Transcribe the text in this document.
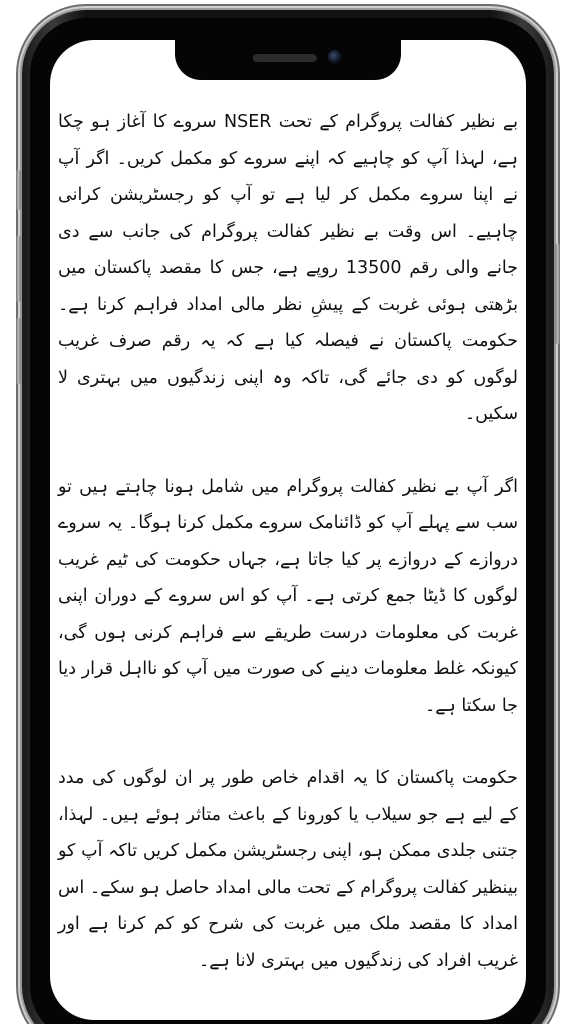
بے نظیر کفالت پروگرام کے تحت NSER سروے کا آغاز ہو چکا ہے، لہذا آپ کو چاہیے کہ اپنے سروے کو مکمل کریں۔ اگر آپ نے اپنا سروے مکمل کر لیا ہے تو آپ کو رجسٹریشن کرانی چاہیے۔ اس وقت بے نظیر کفالت پروگرام کی جانب سے دی جانے والی رقم 13500 روپے ہے، جس کا مقصد پاکستان میں بڑھتی ہوئی غربت کے پیشِ نظر مالی امداد فراہم کرنا ہے۔ حکومت پاکستان نے فیصلہ کیا ہے کہ یہ رقم صرف غریب لوگوں کو دی جائے گی، تاکہ وہ اپنی زندگیوں میں بہتری لا سکیں۔

اگر آپ بے نظیر کفالت پروگرام میں شامل ہونا چاہتے ہیں تو سب سے پہلے آپ کو ڈائنامک سروے مکمل کرنا ہوگا۔ یہ سروے دروازے کے دروازے پر کیا جاتا ہے، جہاں حکومت کی ٹیم غریب لوگوں کا ڈیٹا جمع کرتی ہے۔ آپ کو اس سروے کے دوران اپنی غربت کی معلومات درست طریقے سے فراہم کرنی ہوں گی، کیونکہ غلط معلومات دینے کی صورت میں آپ کو نااہل قرار دیا جا سکتا ہے۔

حکومت پاکستان کا یہ اقدام خاص طور پر ان لوگوں کی مدد کے لیے ہے جو سیلاب یا کورونا کے باعث متاثر ہوئے ہیں۔ لہذا، جتنی جلدی ممکن ہو، اپنی رجسٹریشن مکمل کریں تاکہ آپ کو بینظیر کفالت پروگرام کے تحت مالی امداد حاصل ہو سکے۔ اس امداد کا مقصد ملک میں غربت کی شرح کو کم کرنا ہے اور غریب افراد کی زندگیوں میں بہتری لانا ہے۔
